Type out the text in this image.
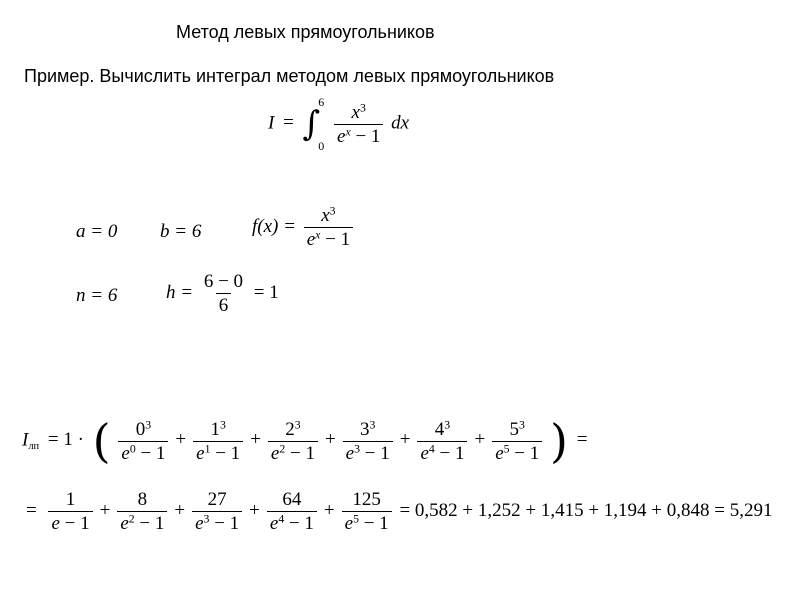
Метод левых прямоугольников
Пример. Вычислить интеграл методом левых прямоугольников
I = ∫
6
0

$\frac{x^3}{e^x - 1}$ dx
a = 0 b = 6	$f(x) = \frac{x^3}{e^x - 1}$
n = 6	$h = \frac{6 - 0}{6} = 1$
$I_{лп} = 1$ · ( $\frac{0^3}{e^0 - 1} + \frac{1^3}{e^1 - 1} + \frac{2^3}{e^2 - 1} + \frac{3^3}{e^3 - 1} + \frac{4^3}{e^4 - 1} + \frac{5^3}{e^5 - 1}$ ) =
= $\frac{1}{e - 1} + \frac{8}{e^2 - 1} + \frac{27}{e^3 - 1} + \frac{64}{e^4 - 1} + \frac{125}{e^5 - 1} = 0,582 + 1,252 + 1,415 + 1,194 + 0,848 = 5,291$
